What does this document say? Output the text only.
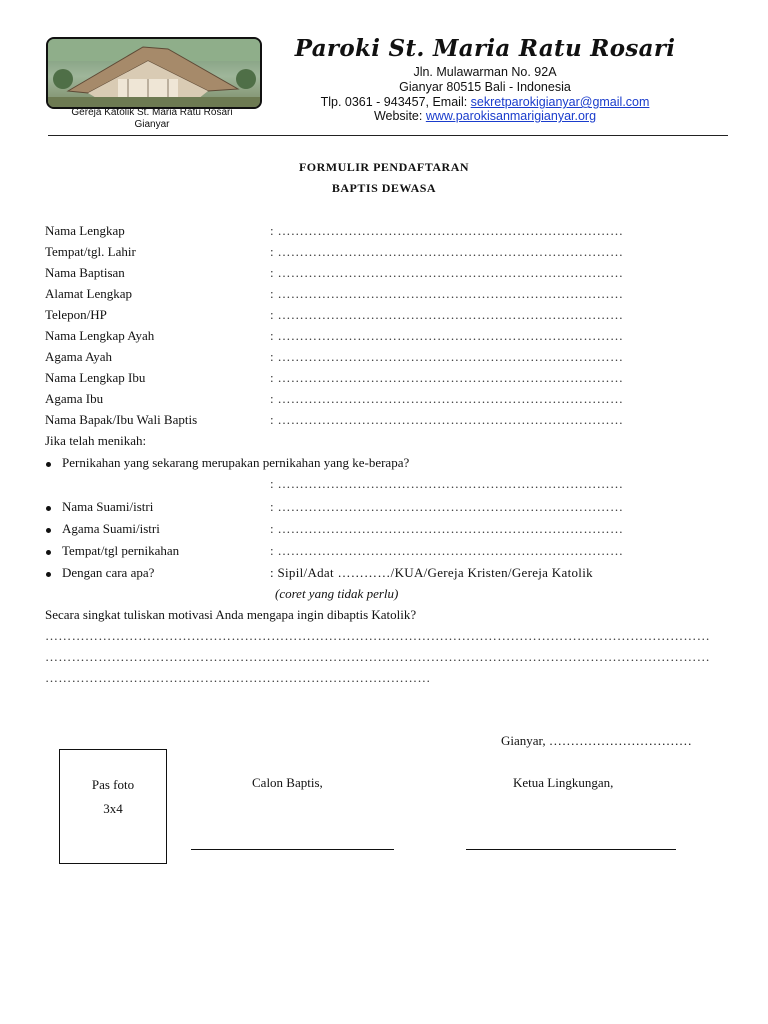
Gereja Katolik St. Maria Ratu Rosari
Gianyar
Paroki St. Maria Ratu Rosari
Jln. Mulawarman No. 92A
Gianyar 80515 Bali - Indonesia
Tlp. 0361 - 943457, Email: sekretparokigianyar@gmail.com
Website: www.parokisanmarigianyar.org
FORMULIR PENDAFTARAN
BAPTIS DEWASA
Nama Lengkap	: ……………………………………………………………………
Tempat/tgl. Lahir	: ……………………………………………………………………
Nama Baptisan	: ……………………………………………………………………
Alamat Lengkap	: ……………………………………………………………………
Telepon/HP	: ……………………………………………………………………
Nama Lengkap Ayah	: ……………………………………………………………………
Agama Ayah	: ……………………………………………………………………
Nama Lengkap Ibu	: ……………………………………………………………………
Agama Ibu	: ……………………………………………………………………
Nama Bapak/Ibu Wali Baptis	: ……………………………………………………………………
Jika telah menikah:
Pernikahan yang sekarang merupakan pernikahan yang ke-berapa?
: ……………………………………………………………………
Nama Suami/istri	: ……………………………………………………………………
Agama Suami/istri	: ……………………………………………………………………
Tempat/tgl pernikahan	: ……………………………………………………………………
Dengan cara apa?	: Sipil/Adat …………/KUA/Gereja Kristen/Gereja Katolik
(coret yang tidak perlu)
Secara singkat tuliskan motivasi Anda mengapa ingin dibaptis Katolik?
……………………………………………………………………………………………………………………………………
……………………………………………………………………………………………………………………………………
……………………………………………………………………………
Gianyar, ……………………………
Pas foto
3x4
Calon Baptis,	Ketua Lingkungan,
